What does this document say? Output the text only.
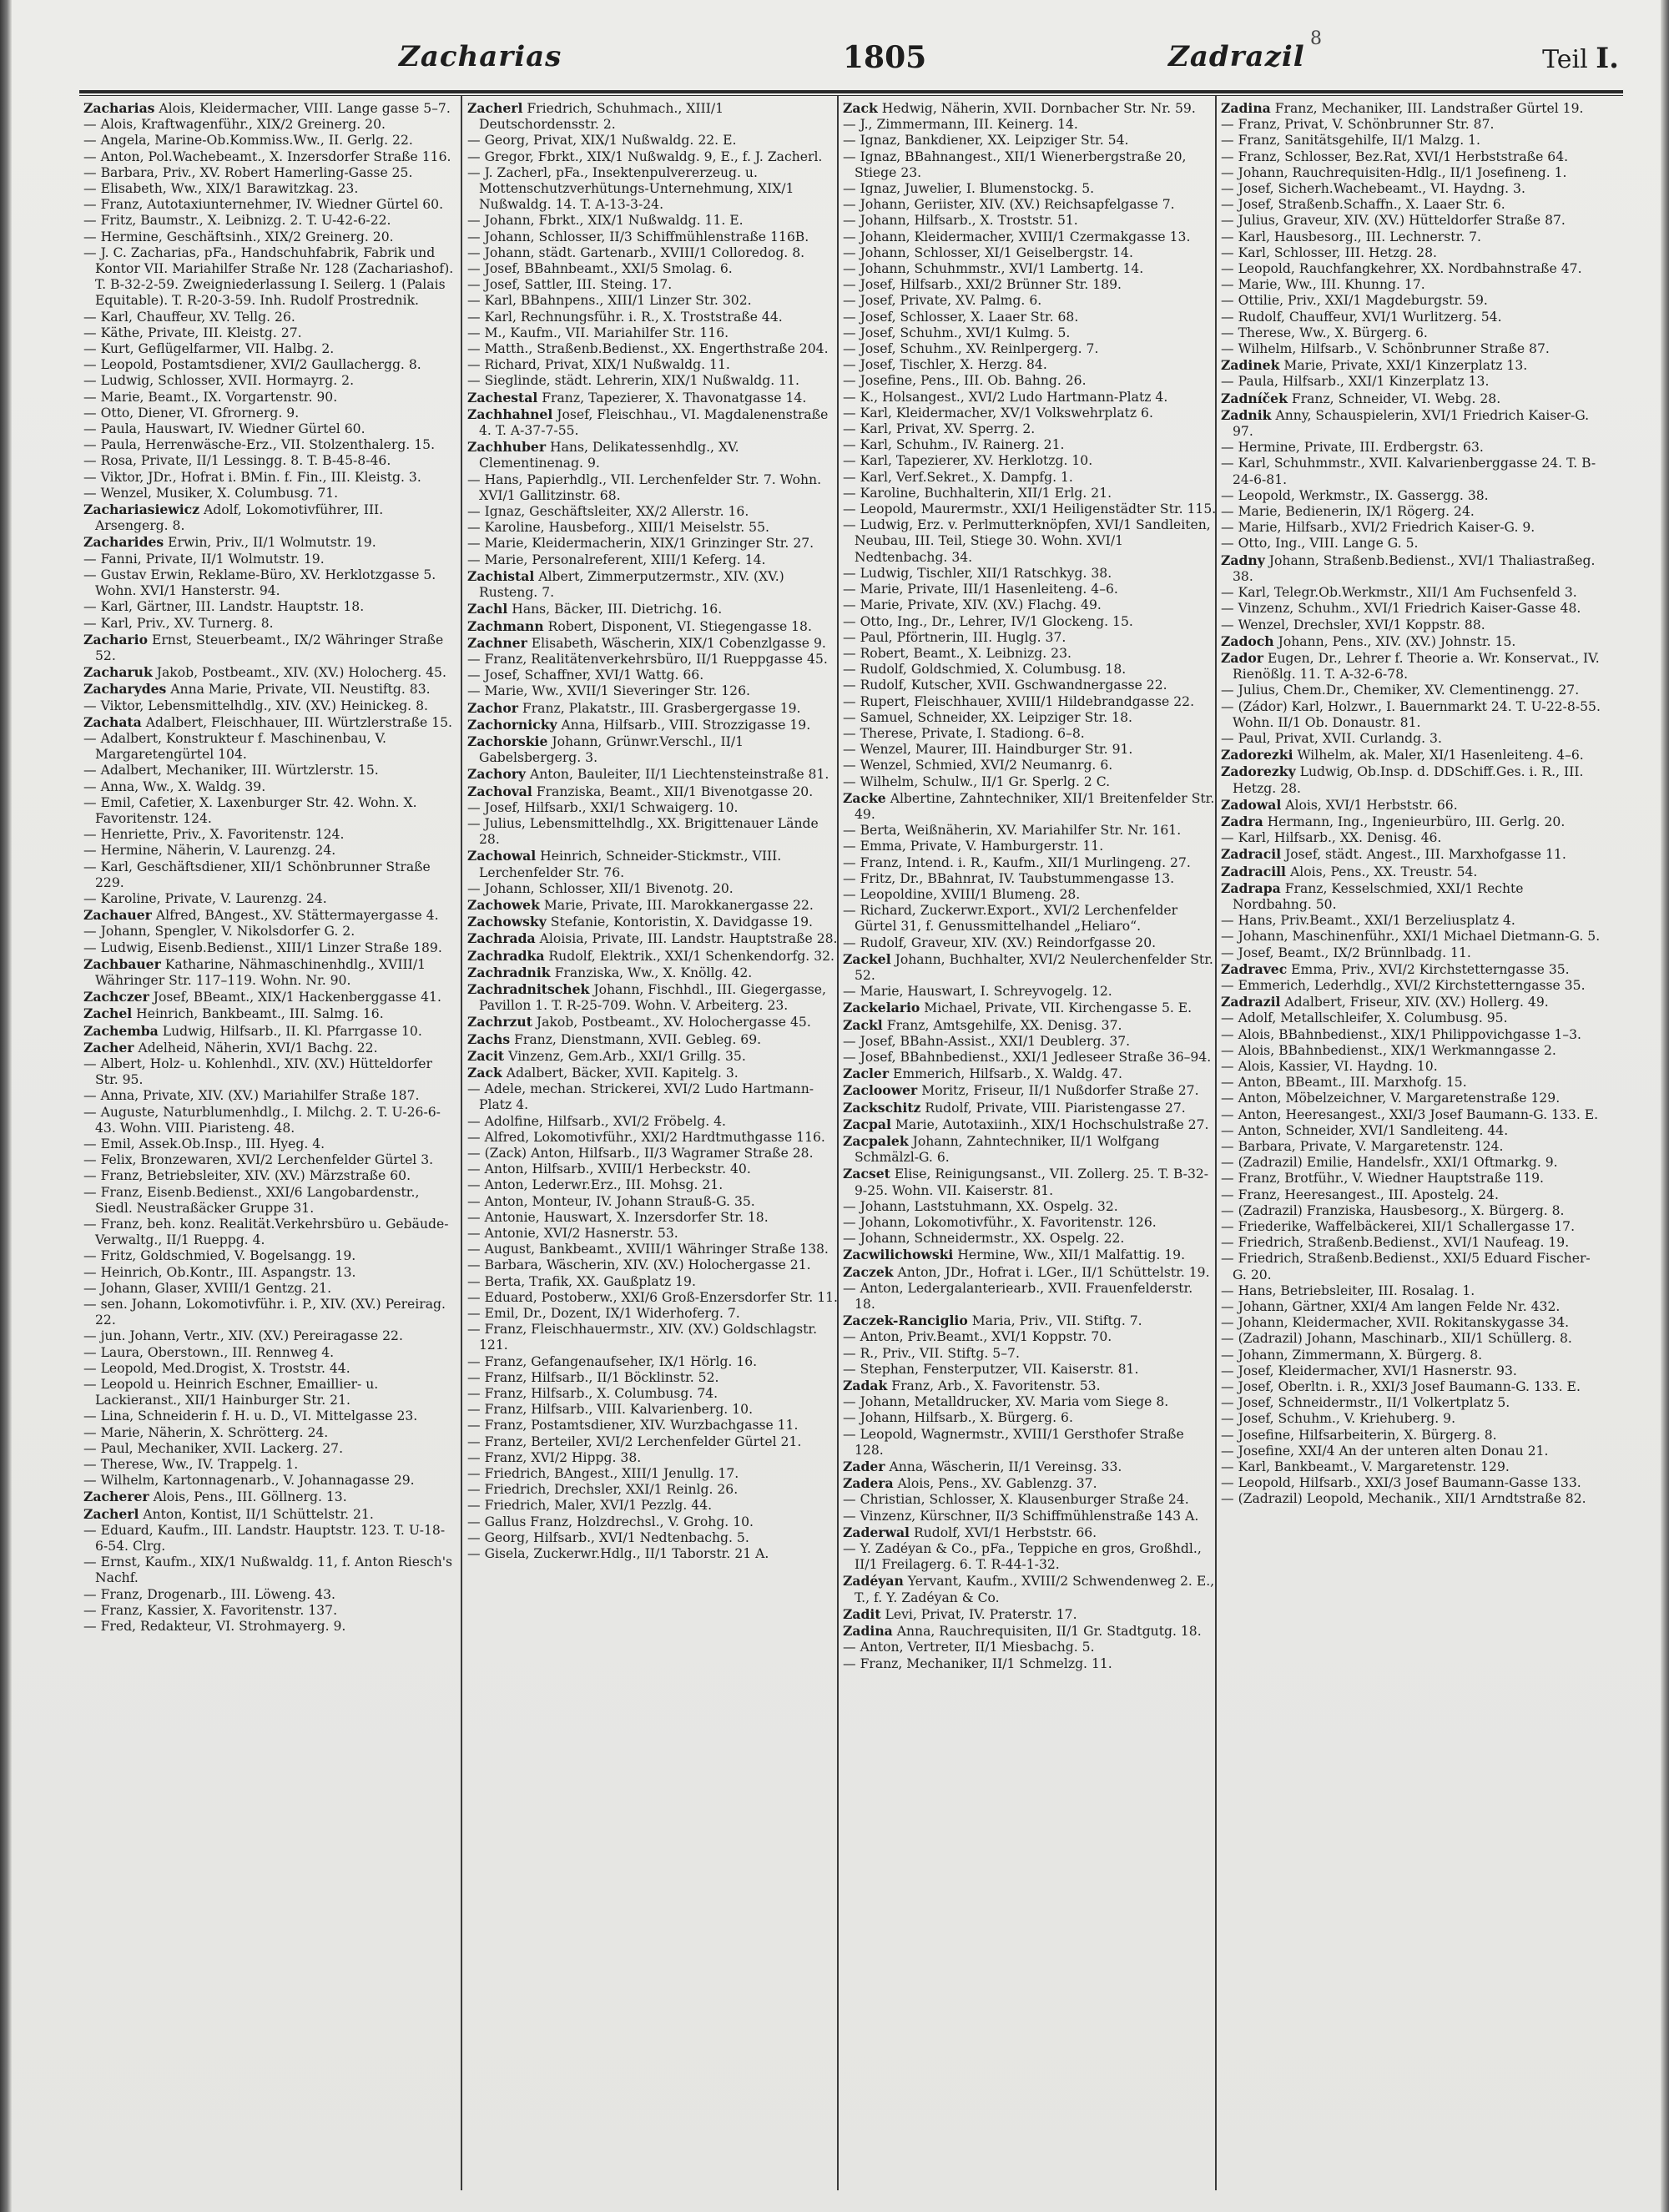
Zacharias	1805	Zadrazil
8
Teil I.

Zacharias Alois, Kleidermacher, VIII. Lange gasse 5–7.

— Alois, Kraftwagenführ., XIX/2 Greinerg. 20.

— Angela, Marine-Ob.Kommiss.Ww., II. Gerlg. 22.

— Anton, Pol.Wachebeamt., X. Inzersdorfer Straße 116.

— Barbara, Priv., XV. Robert Hamerling-Gasse 25.

— Elisabeth, Ww., XIX/1 Barawitzkag. 23.

— Franz, Autotaxiunternehmer, IV. Wiedner Gürtel 60.

— Fritz, Baumstr., X. Leibnizg. 2. T. U-42-6-22.

— Hermine, Geschäftsinh., XIX/2 Greinerg. 20.

— J. C. Zacharias, pFa., Handschuhfabrik, Fabrik und Kontor VII. Mariahilfer Straße Nr. 128 (Zachariashof). T. B-32-2-59. Zweigniederlassung I. Seilerg. 1 (Palais Equitable). T. R-20-3-59. Inh. Rudolf Prostrednik.

— Karl, Chauffeur, XV. Tellg. 26.

— Käthe, Private, III. Kleistg. 27.

— Kurt, Geflügelfarmer, VII. Halbg. 2.

— Leopold, Postamtsdiener, XVI/2 Gaullachergg. 8.

— Ludwig, Schlosser, XVII. Hormayrg. 2.

— Marie, Beamt., IX. Vorgartenstr. 90.

— Otto, Diener, VI. Gfrornerg. 9.

— Paula, Hauswart, IV. Wiedner Gürtel 60.

— Paula, Herrenwäsche-Erz., VII. Stolzenthalerg. 15.

— Rosa, Private, II/1 Lessingg. 8. T. B-45-8-46.

— Viktor, JDr., Hofrat i. BMin. f. Fin., III. Kleistg. 3.

— Wenzel, Musiker, X. Columbusg. 71.

Zachariasiewicz Adolf, Lokomotivführer, III. Arsengerg. 8.

Zacharides Erwin, Priv., II/1 Wolmutstr. 19.

— Fanni, Private, II/1 Wolmutstr. 19.

— Gustav Erwin, Reklame-Büro, XV. Herklotzgasse 5. Wohn. XVI/1 Hansterstr. 94.

— Karl, Gärtner, III. Landstr. Hauptstr. 18.

— Karl, Priv., XV. Turnerg. 8.

Zachario Ernst, Steuerbeamt., IX/2 Währinger Straße 52.

Zacharuk Jakob, Postbeamt., XIV. (XV.) Holocherg. 45.

Zacharydes Anna Marie, Private, VII. Neustiftg. 83.

— Viktor, Lebensmittelhdlg., XIV. (XV.) Heinickeg. 8.

Zachata Adalbert, Fleischhauer, III. Würtzlerstraße 15.

— Adalbert, Konstrukteur f. Maschinenbau, V. Margaretengürtel 104.

— Adalbert, Mechaniker, III. Würtzlerstr. 15.

— Anna, Ww., X. Waldg. 39.

— Emil, Cafetier, X. Laxenburger Str. 42. Wohn. X. Favoritenstr. 124.

— Henriette, Priv., X. Favoritenstr. 124.

— Hermine, Näherin, V. Laurenzg. 24.

— Karl, Geschäftsdiener, XII/1 Schönbrunner Straße 229.

— Karoline, Private, V. Laurenzg. 24.

Zachauer Alfred, BAngest., XV. Stättermayergasse 4.

— Johann, Spengler, V. Nikolsdorfer G. 2.

— Ludwig, Eisenb.Bedienst., XIII/1 Linzer Straße 189.

Zachbauer Katharine, Nähmaschinenhdlg., XVIII/1 Währinger Str. 117–119. Wohn. Nr. 90.

Zachczer Josef, BBeamt., XIX/1 Hackenberggasse 41.

Zachel Heinrich, Bankbeamt., III. Salmg. 16.

Zachemba Ludwig, Hilfsarb., II. Kl. Pfarrgasse 10.

Zacher Adelheid, Näherin, XVI/1 Bachg. 22.

— Albert, Holz- u. Kohlenhdl., XIV. (XV.) Hütteldorfer Str. 95.

— Anna, Private, XIV. (XV.) Mariahilfer Straße 187.

— Auguste, Naturblumenhdlg., I. Milchg. 2. T. U-26-6-43. Wohn. VIII. Piaristeng. 48.

— Emil, Assek.Ob.Insp., III. Hyeg. 4.

— Felix, Bronzewaren, XVI/2 Lerchenfelder Gürtel 3.

— Franz, Betriebsleiter, XIV. (XV.) Märzstraße 60.

— Franz, Eisenb.Bedienst., XXI/6 Langobardenstr., Siedl. Neustraßäcker Gruppe 31.

— Franz, beh. konz. Realität.Verkehrsbüro u. Gebäude-Verwaltg., II/1 Rueppg. 4.

— Fritz, Goldschmied, V. Bogelsangg. 19.

— Heinrich, Ob.Kontr., III. Aspangstr. 13.

— Johann, Glaser, XVIII/1 Gentzg. 21.

— sen. Johann, Lokomotivführ. i. P., XIV. (XV.) Pereirag. 22.

— jun. Johann, Vertr., XIV. (XV.) Pereiragasse 22.

— Laura, Oberstown., III. Rennweg 4.

— Leopold, Med.Drogist, X. Troststr. 44.

— Leopold u. Heinrich Eschner, Emaillier- u. Lackieranst., XII/1 Hainburger Str. 21.

— Lina, Schneiderin f. H. u. D., VI. Mittelgasse 23.

— Marie, Näherin, X. Schrötterg. 24.

— Paul, Mechaniker, XVII. Lackerg. 27.

— Therese, Ww., IV. Trappelg. 1.

— Wilhelm, Kartonnagenarb., V. Johannagasse 29.

Zacherer Alois, Pens., III. Göllnerg. 13.

Zacherl Anton, Kontist, II/1 Schüttelstr. 21.

— Eduard, Kaufm., III. Landstr. Hauptstr. 123. T. U-18-6-54. Clrg.

— Ernst, Kaufm., XIX/1 Nußwaldg. 11, f. Anton Riesch's Nachf.

— Franz, Drogenarb., III. Löweng. 43.

— Franz, Kassier, X. Favoritenstr. 137.

— Fred, Redakteur, VI. Strohmayerg. 9.

Zacherl Friedrich, Schuhmach., XIII/1 Deutschordensstr. 2.

— Georg, Privat, XIX/1 Nußwaldg. 22. E.

— Gregor, Fbrkt., XIX/1 Nußwaldg. 9, E., f. J. Zacherl.

— J. Zacherl, pFa., Insektenpulvererzeug. u. Mottenschutzverhütungs-Unternehmung, XIX/1 Nußwaldg. 14. T. A-13-3-24.

— Johann, Fbrkt., XIX/1 Nußwaldg. 11. E.

— Johann, Schlosser, II/3 Schiffmühlenstraße 116B.

— Johann, städt. Gartenarb., XVIII/1 Colloredog. 8.

— Josef, BBahnbeamt., XXI/5 Smolag. 6.

— Josef, Sattler, III. Steing. 17.

— Karl, BBahnpens., XIII/1 Linzer Str. 302.

— Karl, Rechnungsführ. i. R., X. Troststraße 44.

— M., Kaufm., VII. Mariahilfer Str. 116.

— Matth., Straßenb.Bedienst., XX. Engerthstraße 204.

— Richard, Privat, XIX/1 Nußwaldg. 11.

— Sieglinde, städt. Lehrerin, XIX/1 Nußwaldg. 11.

Zachestal Franz, Tapezierer, X. Thavonatgasse 14.

Zachhahnel Josef, Fleischhau., VI. Magdalenenstraße 4. T. A-37-7-55.

Zachhuber Hans, Delikatessenhdlg., XV. Clementinenag. 9.

— Hans, Papierhdlg., VII. Lerchenfelder Str. 7. Wohn. XVI/1 Gallitzinstr. 68.

— Ignaz, Geschäftsleiter, XX/2 Allerstr. 16.

— Karoline, Hausbeforg., XIII/1 Meiselstr. 55.

— Marie, Kleidermacherin, XIX/1 Grinzinger Str. 27.

— Marie, Personalreferent, XIII/1 Keferg. 14.

Zachistal Albert, Zimmerputzermstr., XIV. (XV.) Rusteng. 7.

Zachl Hans, Bäcker, III. Dietrichg. 16.

Zachmann Robert, Disponent, VI. Stiegengasse 18.

Zachner Elisabeth, Wäscherin, XIX/1 Cobenzlgasse 9.

— Franz, Realitätenverkehrsbüro, II/1 Rueppgasse 45.

— Josef, Schaffner, XVI/1 Wattg. 66.

— Marie, Ww., XVII/1 Sieveringer Str. 126.

Zachor Franz, Plakatstr., III. Grasbergergasse 19.

Zachornicky Anna, Hilfsarb., VIII. Strozzigasse 19.

Zachorskie Johann, Grünwr.Verschl., II/1 Gabelsbergerg. 3.

Zachory Anton, Bauleiter, II/1 Liechtensteinstraße 81.

Zachoval Franziska, Beamt., XII/1 Bivenotgasse 20.

— Josef, Hilfsarb., XXI/1 Schwaigerg. 10.

— Julius, Lebensmittelhdlg., XX. Brigittenauer Lände 28.

Zachowal Heinrich, Schneider-Stickmstr., VIII. Lerchenfelder Str. 76.

— Johann, Schlosser, XII/1 Bivenotg. 20.

Zachowek Marie, Private, III. Marokkanergasse 22.

Zachowsky Stefanie, Kontoristin, X. Davidgasse 19.

Zachrada Aloisia, Private, III. Landstr. Hauptstraße 28.

Zachradka Rudolf, Elektrik., XXI/1 Schenkendorfg. 32.

Zachradnik Franziska, Ww., X. Knöllg. 42.

Zachradnitschek Johann, Fischhdl., III. Giegergasse, Pavillon 1. T. R-25-709. Wohn. V. Arbeiterg. 23.

Zachrzut Jakob, Postbeamt., XV. Holochergasse 45.

Zachs Franz, Dienstmann, XVII. Gebleg. 69.

Zacit Vinzenz, Gem.Arb., XXI/1 Grillg. 35.

Zack Adalbert, Bäcker, XVII. Kapitelg. 3.

— Adele, mechan. Strickerei, XVI/2 Ludo Hartmann-Platz 4.

— Adolfine, Hilfsarb., XVI/2 Fröbelg. 4.

— Alfred, Lokomotivführ., XXI/2 Hardtmuthgasse 116.

— (Zack) Anton, Hilfsarb., II/3 Wagramer Straße 28.

— Anton, Hilfsarb., XVIII/1 Herbeckstr. 40.

— Anton, Lederwr.Erz., III. Mohsg. 21.

— Anton, Monteur, IV. Johann Strauß-G. 35.

— Antonie, Hauswart, X. Inzersdorfer Str. 18.

— Antonie, XVI/2 Hasnerstr. 53.

— August, Bankbeamt., XVIII/1 Währinger Straße 138.

— Barbara, Wäscherin, XIV. (XV.) Holochergasse 21.

— Berta, Trafik, XX. Gaußplatz 19.

— Eduard, Postoberw., XXI/6 Groß-Enzersdorfer Str. 11.

— Emil, Dr., Dozent, IX/1 Widerhoferg. 7.

— Franz, Fleischhauermstr., XIV. (XV.) Goldschlagstr. 121.

— Franz, Gefangenaufseher, IX/1 Hörlg. 16.

— Franz, Hilfsarb., II/1 Böcklinstr. 52.

— Franz, Hilfsarb., X. Columbusg. 74.

— Franz, Hilfsarb., VIII. Kalvarienberg. 10.

— Franz, Postamtsdiener, XIV. Wurzbachgasse 11.

— Franz, Berteiler, XVI/2 Lerchenfelder Gürtel 21.

— Franz, XVI/2 Hippg. 38.

— Friedrich, BAngest., XIII/1 Jenullg. 17.

— Friedrich, Drechsler, XXI/1 Reinlg. 26.

— Friedrich, Maler, XVI/1 Pezzlg. 44.

— Gallus Franz, Holzdrechsl., V. Grohg. 10.

— Georg, Hilfsarb., XVI/1 Nedtenbachg. 5.

— Gisela, Zuckerwr.Hdlg., II/1 Taborstr. 21 A.

Zack Hedwig, Näherin, XVII. Dornbacher Str. Nr. 59.

— J., Zimmermann, III. Keinerg. 14.

— Ignaz, Bankdiener, XX. Leipziger Str. 54.

— Ignaz, BBahnangest., XII/1 Wienerbergstraße 20, Stiege 23.

— Ignaz, Juwelier, I. Blumenstockg. 5.

— Johann, Geriister, XIV. (XV.) Reichsapfelgasse 7.

— Johann, Hilfsarb., X. Troststr. 51.

— Johann, Kleidermacher, XVIII/1 Czermakgasse 13.

— Johann, Schlosser, XI/1 Geiselbergstr. 14.

— Johann, Schuhmmstr., XVI/1 Lambertg. 14.

— Josef, Hilfsarb., XXI/2 Brünner Str. 189.

— Josef, Private, XV. Palmg. 6.

— Josef, Schlosser, X. Laaer Str. 68.

— Josef, Schuhm., XVI/1 Kulmg. 5.

— Josef, Schuhm., XV. Reinlpergerg. 7.

— Josef, Tischler, X. Herzg. 84.

— Josefine, Pens., III. Ob. Bahng. 26.

— K., Holsangest., XVI/2 Ludo Hartmann-Platz 4.

— Karl, Kleidermacher, XV/1 Volkswehrplatz 6.

— Karl, Privat, XV. Sperrg. 2.

— Karl, Schuhm., IV. Rainerg. 21.

— Karl, Tapezierer, XV. Herklotzg. 10.

— Karl, Verf.Sekret., X. Dampfg. 1.

— Karoline, Buchhalterin, XII/1 Erlg. 21.

— Leopold, Maurermstr., XXI/1 Heiligenstädter Str. 115.

— Ludwig, Erz. v. Perlmutterknöpfen, XVI/1 Sandleiten, Neubau, III. Teil, Stiege 30. Wohn. XVI/1 Nedtenbachg. 34.

— Ludwig, Tischler, XII/1 Ratschkyg. 38.

— Marie, Private, III/1 Hasenleiteng. 4–6.

— Marie, Private, XIV. (XV.) Flachg. 49.

— Otto, Ing., Dr., Lehrer, IV/1 Glockeng. 15.

— Paul, Pförtnerin, III. Huglg. 37.

— Robert, Beamt., X. Leibnizg. 23.

— Rudolf, Goldschmied, X. Columbusg. 18.

— Rudolf, Kutscher, XVII. Gschwandnergasse 22.

— Rupert, Fleischhauer, XVIII/1 Hildebrandgasse 22.

— Samuel, Schneider, XX. Leipziger Str. 18.

— Therese, Private, I. Stadiong. 6–8.

— Wenzel, Maurer, III. Haindburger Str. 91.

— Wenzel, Schmied, XVI/2 Neumanrg. 6.

— Wilhelm, Schulw., II/1 Gr. Sperlg. 2 C.

Zacke Albertine, Zahntechniker, XII/1 Breitenfelder Str. 49.

— Berta, Weißnäherin, XV. Mariahilfer Str. Nr. 161.

— Emma, Private, V. Hamburgerstr. 11.

— Franz, Intend. i. R., Kaufm., XII/1 Murlingeng. 27.

— Fritz, Dr., BBahnrat, IV. Taubstummengasse 13.

— Leopoldine, XVIII/1 Blumeng. 28.

— Richard, Zuckerwr.Export., XVI/2 Lerchenfelder Gürtel 31, f. Genussmittelhandel „Heliaro“.

— Rudolf, Graveur, XIV. (XV.) Reindorfgasse 20.

Zackel Johann, Buchhalter, XVI/2 Neulerchenfelder Str. 52.

— Marie, Hauswart, I. Schreyvogelg. 12.

Zackelario Michael, Private, VII. Kirchengasse 5. E.

Zackl Franz, Amtsgehilfe, XX. Denisg. 37.

— Josef, BBahn-Assist., XXI/1 Deublerg. 37.

— Josef, BBahnbedienst., XXI/1 Jedleseer Straße 36–94.

Zacler Emmerich, Hilfsarb., X. Waldg. 47.

Zacloower Moritz, Friseur, II/1 Nußdorfer Straße 27.

Zackschitz Rudolf, Private, VIII. Piaristengasse 27.

Zacpal Marie, Autotaxiinh., XIX/1 Hochschulstraße 27.

Zacpalek Johann, Zahntechniker, II/1 Wolfgang Schmälzl-G. 6.

Zacset Elise, Reinigungsanst., VII. Zollerg. 25. T. B-32-9-25. Wohn. VII. Kaiserstr. 81.

— Johann, Laststuhmann, XX. Ospelg. 32.

— Johann, Lokomotivführ., X. Favoritenstr. 126.

— Johann, Schneidermstr., XX. Ospelg. 22.

Zacwilichowski Hermine, Ww., XII/1 Malfattig. 19.

Zaczek Anton, JDr., Hofrat i. LGer., II/1 Schüttelstr. 19.

— Anton, Ledergalanteriearb., XVII. Frauenfelderstr. 18.

Zaczek-Ranciglio Maria, Priv., VII. Stiftg. 7.

— Anton, Priv.Beamt., XVI/1 Koppstr. 70.

— R., Priv., VII. Stiftg. 5–7.

— Stephan, Fensterputzer, VII. Kaiserstr. 81.

Zadak Franz, Arb., X. Favoritenstr. 53.

— Johann, Metalldrucker, XV. Maria vom Siege 8.

— Johann, Hilfsarb., X. Bürgerg. 6.

— Leopold, Wagnermstr., XVIII/1 Gersthofer Straße 128.

Zader Anna, Wäscherin, II/1 Vereinsg. 33.

Zadera Alois, Pens., XV. Gablenzg. 37.

— Christian, Schlosser, X. Klausenburger Straße 24.

— Vinzenz, Kürschner, II/3 Schiffmühlenstraße 143 A.

Zaderwal Rudolf, XVI/1 Herbststr. 66.

— Y. Zadéyan & Co., pFa., Teppiche en gros, Großhdl., II/1 Freilagerg. 6. T. R-44-1-32.

Zadéyan Yervant, Kaufm., XVIII/2 Schwendenweg 2. E., T., f. Y. Zadéyan & Co.

Zadit Levi, Privat, IV. Praterstr. 17.

Zadina Anna, Rauchrequisiten, II/1 Gr. Stadtgutg. 18.

— Anton, Vertreter, II/1 Miesbachg. 5.

— Franz, Mechaniker, II/1 Schmelzg. 11.

Zadina Franz, Mechaniker, III. Landstraßer Gürtel 19.

— Franz, Privat, V. Schönbrunner Str. 87.

— Franz, Sanitätsgehilfe, II/1 Malzg. 1.

— Franz, Schlosser, Bez.Rat, XVI/1 Herbststraße 64.

— Johann, Rauchrequisiten-Hdlg., II/1 Josefineng. 1.

— Josef, Sicherh.Wachebeamt., VI. Haydng. 3.

— Josef, Straßenb.Schaffn., X. Laaer Str. 6.

— Julius, Graveur, XIV. (XV.) Hütteldorfer Straße 87.

— Karl, Hausbesorg., III. Lechnerstr. 7.

— Karl, Schlosser, III. Hetzg. 28.

— Leopold, Rauchfangkehrer, XX. Nordbahnstraße 47.

— Marie, Ww., III. Khunng. 17.

— Ottilie, Priv., XXI/1 Magdeburgstr. 59.

— Rudolf, Chauffeur, XVI/1 Wurlitzerg. 54.

— Therese, Ww., X. Bürgerg. 6.

— Wilhelm, Hilfsarb., V. Schönbrunner Straße 87.

Zadinek Marie, Private, XXI/1 Kinzerplatz 13.

— Paula, Hilfsarb., XXI/1 Kinzerplatz 13.

Zadníček Franz, Schneider, VI. Webg. 28.

Zadnik Anny, Schauspielerin, XVI/1 Friedrich Kaiser-G. 97.

— Hermine, Private, III. Erdbergstr. 63.

— Karl, Schuhmmstr., XVII. Kalvarienberggasse 24. T. B-24-6-81.

— Leopold, Werkmstr., IX. Gassergg. 38.

— Marie, Bedienerin, IX/1 Rögerg. 24.

— Marie, Hilfsarb., XVI/2 Friedrich Kaiser-G. 9.

— Otto, Ing., VIII. Lange G. 5.

Zadny Johann, Straßenb.Bedienst., XVI/1 Thaliastraßeg. 38.

— Karl, Telegr.Ob.Werkmstr., XII/1 Am Fuchsenfeld 3.

— Vinzenz, Schuhm., XVI/1 Friedrich Kaiser-Gasse 48.

— Wenzel, Drechsler, XVI/1 Koppstr. 88.

Zadoch Johann, Pens., XIV. (XV.) Johnstr. 15.

Zador Eugen, Dr., Lehrer f. Theorie a. Wr. Konservat., IV. Rienößlg. 11. T. A-32-6-78.

— Julius, Chem.Dr., Chemiker, XV. Clementinengg. 27.

— (Zádor) Karl, Holzwr., I. Bauernmarkt 24. T. U-22-8-55. Wohn. II/1 Ob. Donaustr. 81.

— Paul, Privat, XVII. Curlandg. 3.

Zadorezki Wilhelm, ak. Maler, XI/1 Hasenleiteng. 4–6.

Zadorezky Ludwig, Ob.Insp. d. DDSchiff.Ges. i. R., III. Hetzg. 28.

Zadowal Alois, XVI/1 Herbststr. 66.

Zadra Hermann, Ing., Ingenieurbüro, III. Gerlg. 20.

— Karl, Hilfsarb., XX. Denisg. 46.

Zadracil Josef, städt. Angest., III. Marxhofgasse 11.

Zadracill Alois, Pens., XX. Treustr. 54.

Zadrapa Franz, Kesselschmied, XXI/1 Rechte Nordbahng. 50.

— Hans, Priv.Beamt., XXI/1 Berzeliusplatz 4.

— Johann, Maschinenführ., XXI/1 Michael Dietmann-G. 5.

— Josef, Beamt., IX/2 Brünnlbadg. 11.

Zadravec Emma, Priv., XVI/2 Kirchstetterngasse 35.

— Emmerich, Lederhdlg., XVI/2 Kirchstetterngasse 35.

Zadrazil Adalbert, Friseur, XIV. (XV.) Hollerg. 49.

— Adolf, Metallschleifer, X. Columbusg. 95.

— Alois, BBahnbedienst., XIX/1 Philippovichgasse 1–3.

— Alois, BBahnbedienst., XIX/1 Werkmanngasse 2.

— Alois, Kassier, VI. Haydng. 10.

— Anton, BBeamt., III. Marxhofg. 15.

— Anton, Möbelzeichner, V. Margaretenstraße 129.

— Anton, Heeresangest., XXI/3 Josef Baumann-G. 133. E.

— Anton, Schneider, XVI/1 Sandleiteng. 44.

— Barbara, Private, V. Margaretenstr. 124.

— (Zadrazil) Emilie, Handelsfr., XXI/1 Oftmarkg. 9.

— Franz, Brotführ., V. Wiedner Hauptstraße 119.

— Franz, Heeresangest., III. Apostelg. 24.

— (Zadrazil) Franziska, Hausbesorg., X. Bürgerg. 8.

— Friederike, Waffelbäckerei, XII/1 Schallergasse 17.

— Friedrich, Straßenb.Bedienst., XVI/1 Naufeag. 19.

— Friedrich, Straßenb.Bedienst., XXI/5 Eduard Fischer-G. 20.

— Hans, Betriebsleiter, III. Rosalag. 1.

— Johann, Gärtner, XXI/4 Am langen Felde Nr. 432.

— Johann, Kleidermacher, XVII. Rokitanskygasse 34.

— (Zadrazil) Johann, Maschinarb., XII/1 Schüllerg. 8.

— Johann, Zimmermann, X. Bürgerg. 8.

— Josef, Kleidermacher, XVI/1 Hasnerstr. 93.

— Josef, Oberltn. i. R., XXI/3 Josef Baumann-G. 133. E.

— Josef, Schneidermstr., II/1 Volkertplatz 5.

— Josef, Schuhm., V. Kriehuberg. 9.

— Josefine, Hilfsarbeiterin, X. Bürgerg. 8.

— Josefine, XXI/4 An der unteren alten Donau 21.

— Karl, Bankbeamt., V. Margaretenstr. 129.

— Leopold, Hilfsarb., XXI/3 Josef Baumann-Gasse 133.

— (Zadrazil) Leopold, Mechanik., XII/1 Arndtstraße 82.
